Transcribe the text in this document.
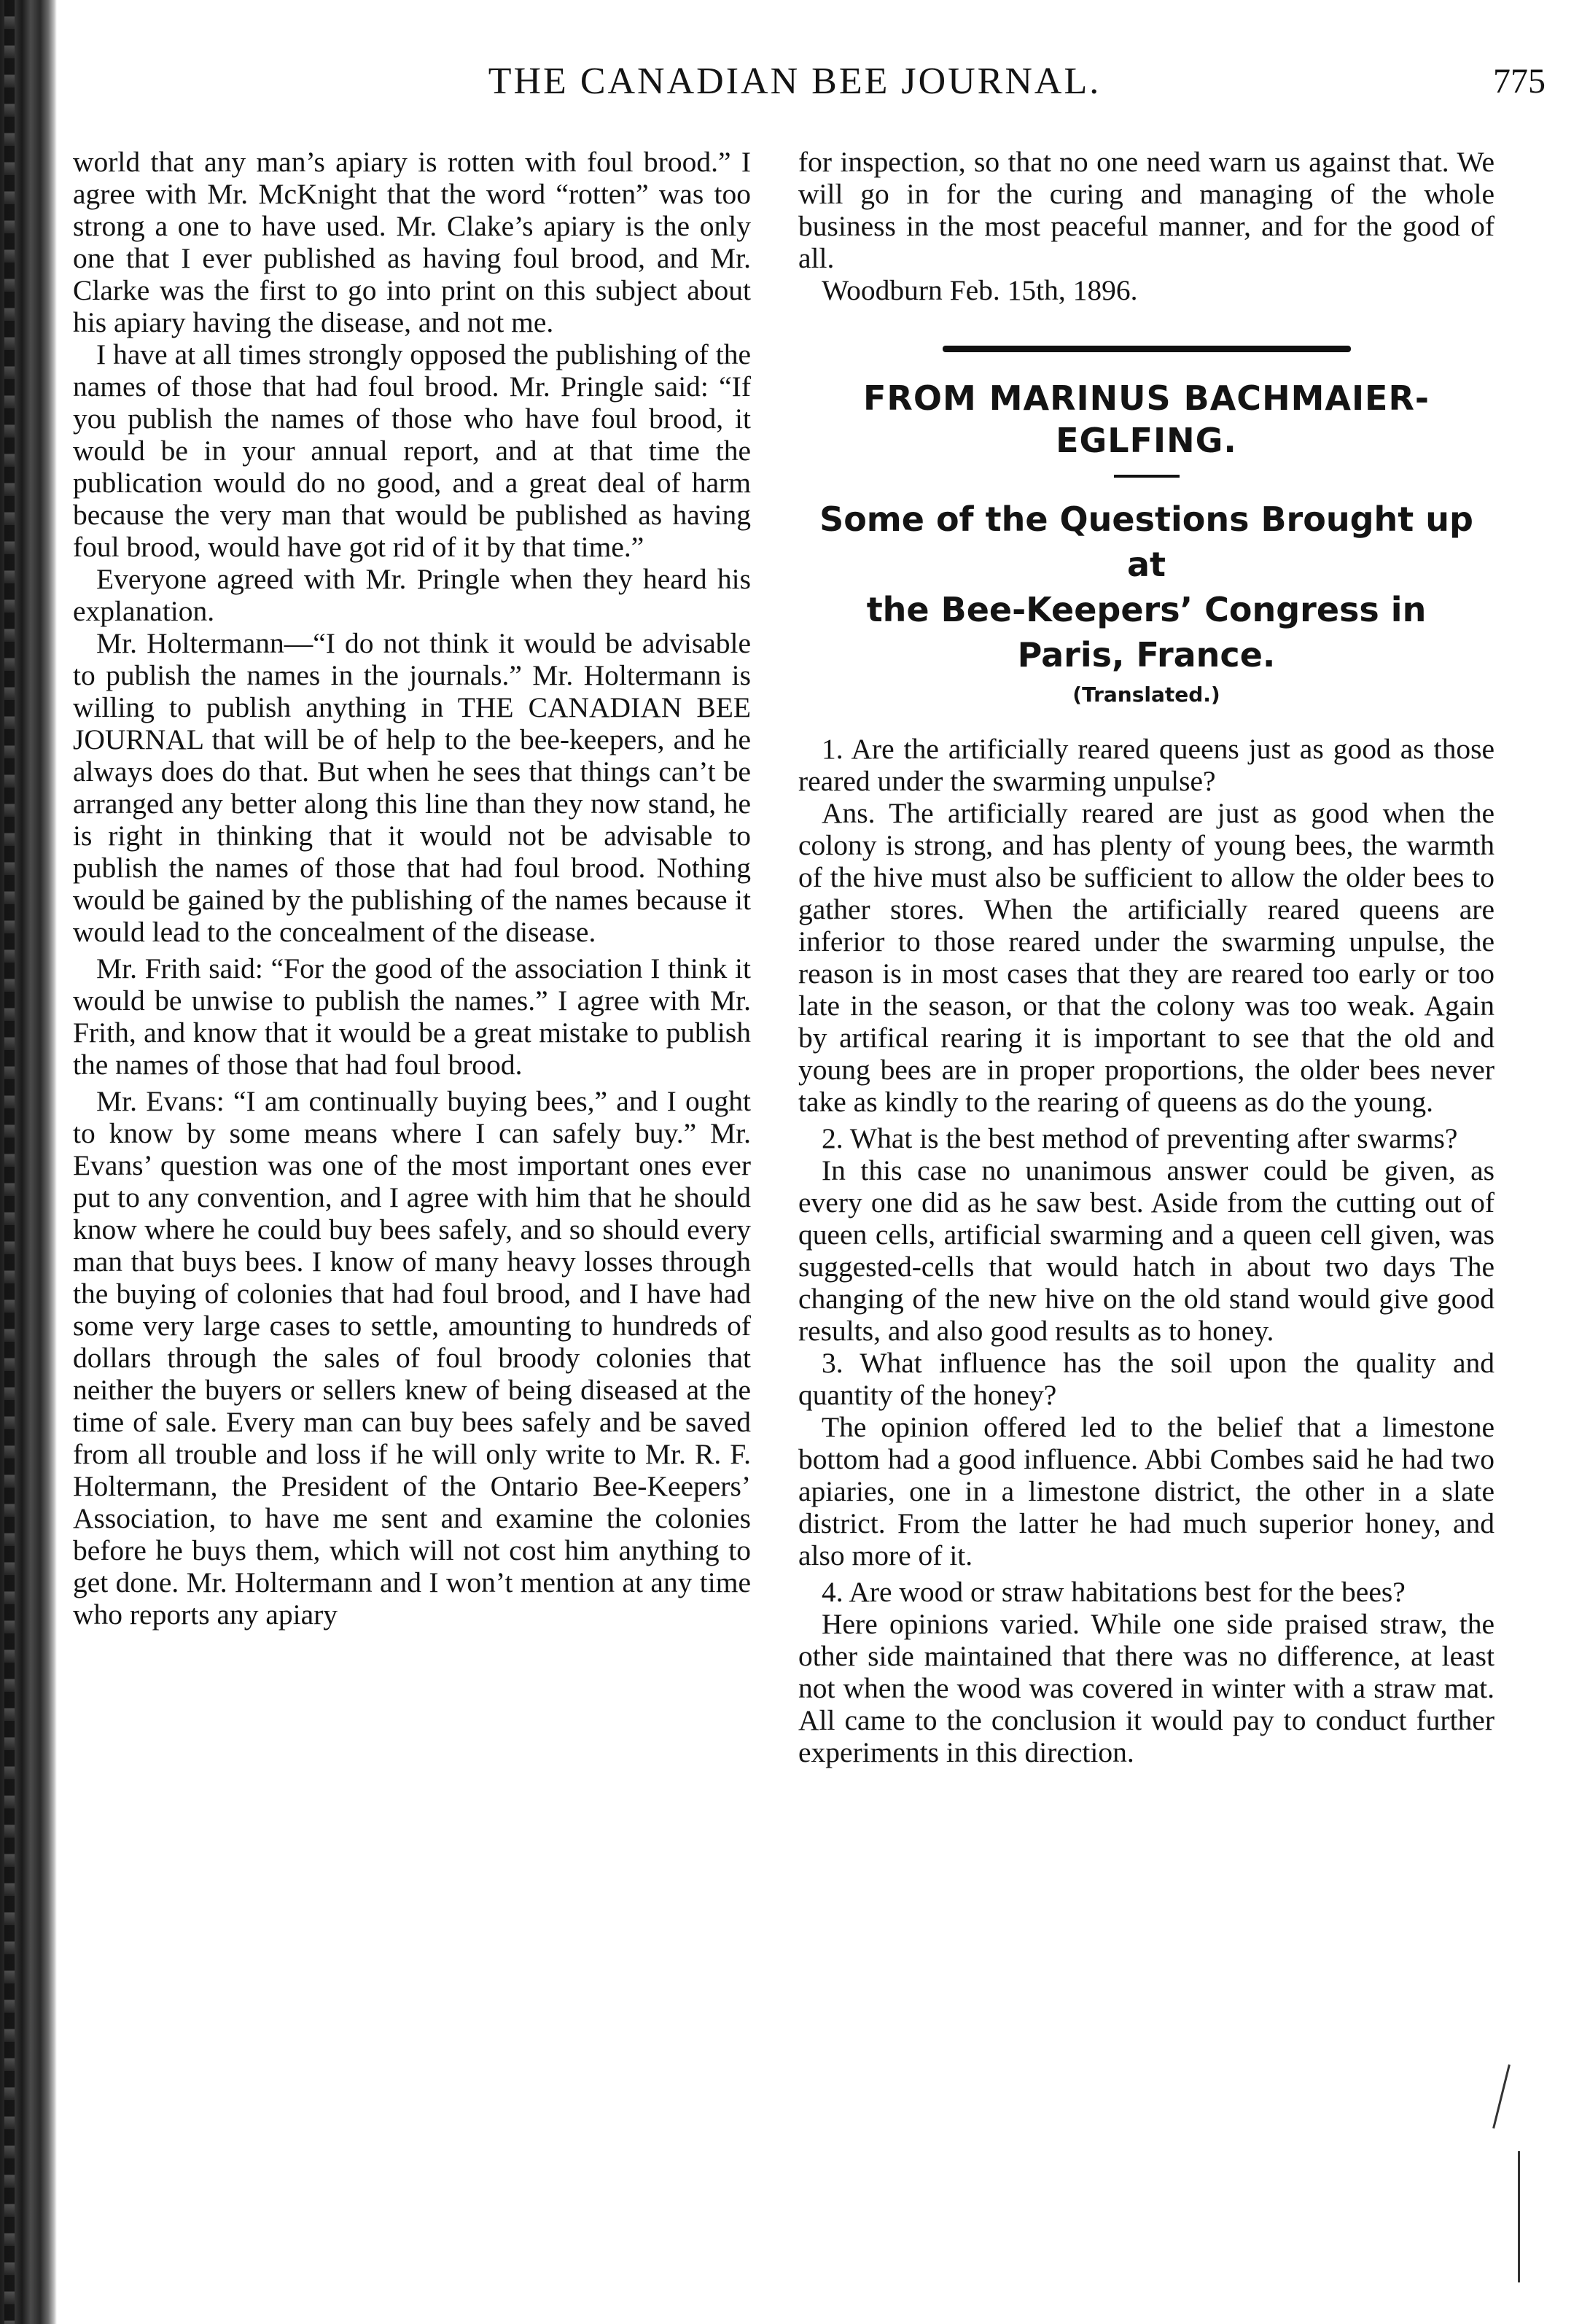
THE CANADIAN BEE JOURNAL.	775

world that any man’s apiary is rotten with foul brood.” I agree with Mr. McKnight that the word “rotten” was too strong a one to have used. Mr. Clake’s apiary is the only one that I ever published as having foul brood, and Mr. Clarke was the first to go into print on this subject about his apiary having the disease, and not me.

I have at all times strongly opposed the publishing of the names of those that had foul brood. Mr. Pringle said: “If you publish the names of those who have foul brood, it would be in your annual report, and at that time the publication would do no good, and a great deal of harm because the very man that would be published as having foul brood, would have got rid of it by that time.”

Everyone agreed with Mr. Pringle when they heard his explanation.

Mr. Holtermann—“I do not think it would be advisable to publish the names in the journals.” Mr. Holtermann is willing to publish anything in THE CANADIAN BEE JOURNAL that will be of help to the bee-keepers, and he always does do that. But when he sees that things can’t be arranged any better along this line than they now stand, he is right in thinking that it would not be advisable to publish the names of those that had foul brood. Nothing would be gained by the publishing of the names because it would lead to the concealment of the disease.

Mr. Frith said: “For the good of the association I think it would be unwise to publish the names.” I agree with Mr. Frith, and know that it would be a great mistake to publish the names of those that had foul brood.

Mr. Evans: “I am continually buying bees,” and I ought to know by some means where I can safely buy.” Mr. Evans’ question was one of the most important ones ever put to any convention, and I agree with him that he should know where he could buy bees safely, and so should every man that buys bees. I know of many heavy losses through the buying of colonies that had foul brood, and I have had some very large cases to settle, amounting to hundreds of dollars through the sales of foul broody colonies that neither the buyers or sellers knew of being diseased at the time of sale. Every man can buy bees safely and be saved from all trouble and loss if he will only write to Mr. R. F. Holtermann, the President of the Ontario Bee-Keepers’ Association, to have me sent and examine the colonies before he buys them, which will not cost him anything to get done. Mr. Holtermann and I won’t mention at any time who reports any apiary

for inspection, so that no one need warn us against that. We will go in for the curing and managing of the whole business in the most peaceful manner, and for the good of all.

Woodburn Feb. 15th, 1896.

FROM MARINUS BACHMAIER-
EGLFING.
Some of the Questions Brought up at
the Bee-Keepers’ Congress in
Paris, France.
(Translated.)

1. Are the artificially reared queens just as good as those reared under the swarming unpulse?

Ans. The artificially reared are just as good when the colony is strong, and has plenty of young bees, the warmth of the hive must also be sufficient to allow the older bees to gather stores. When the artificially reared queens are inferior to those reared under the swarming unpulse, the reason is in most cases that they are reared too early or too late in the season, or that the colony was too weak. Again by artifical rearing it is important to see that the old and young bees are in proper proportions, the older bees never take as kindly to the rearing of queens as do the young.

2. What is the best method of preventing after swarms?

In this case no unanimous answer could be given, as every one did as he saw best. Aside from the cutting out of queen cells, artificial swarming and a queen cell given, was suggested-cells that would hatch in about two days The changing of the new hive on the old stand would give good results, and also good results as to honey.

3. What influence has the soil upon the quality and quantity of the honey?

The opinion offered led to the belief that a limestone bottom had a good influence. Abbi Combes said he had two apiaries, one in a limestone district, the other in a slate district. From the latter he had much superior honey, and also more of it.

4. Are wood or straw habitations best for the bees?

Here opinions varied. While one side praised straw, the other side maintained that there was no difference, at least not when the wood was covered in winter with a straw mat. All came to the conclusion it would pay to conduct further experiments in this direction.
